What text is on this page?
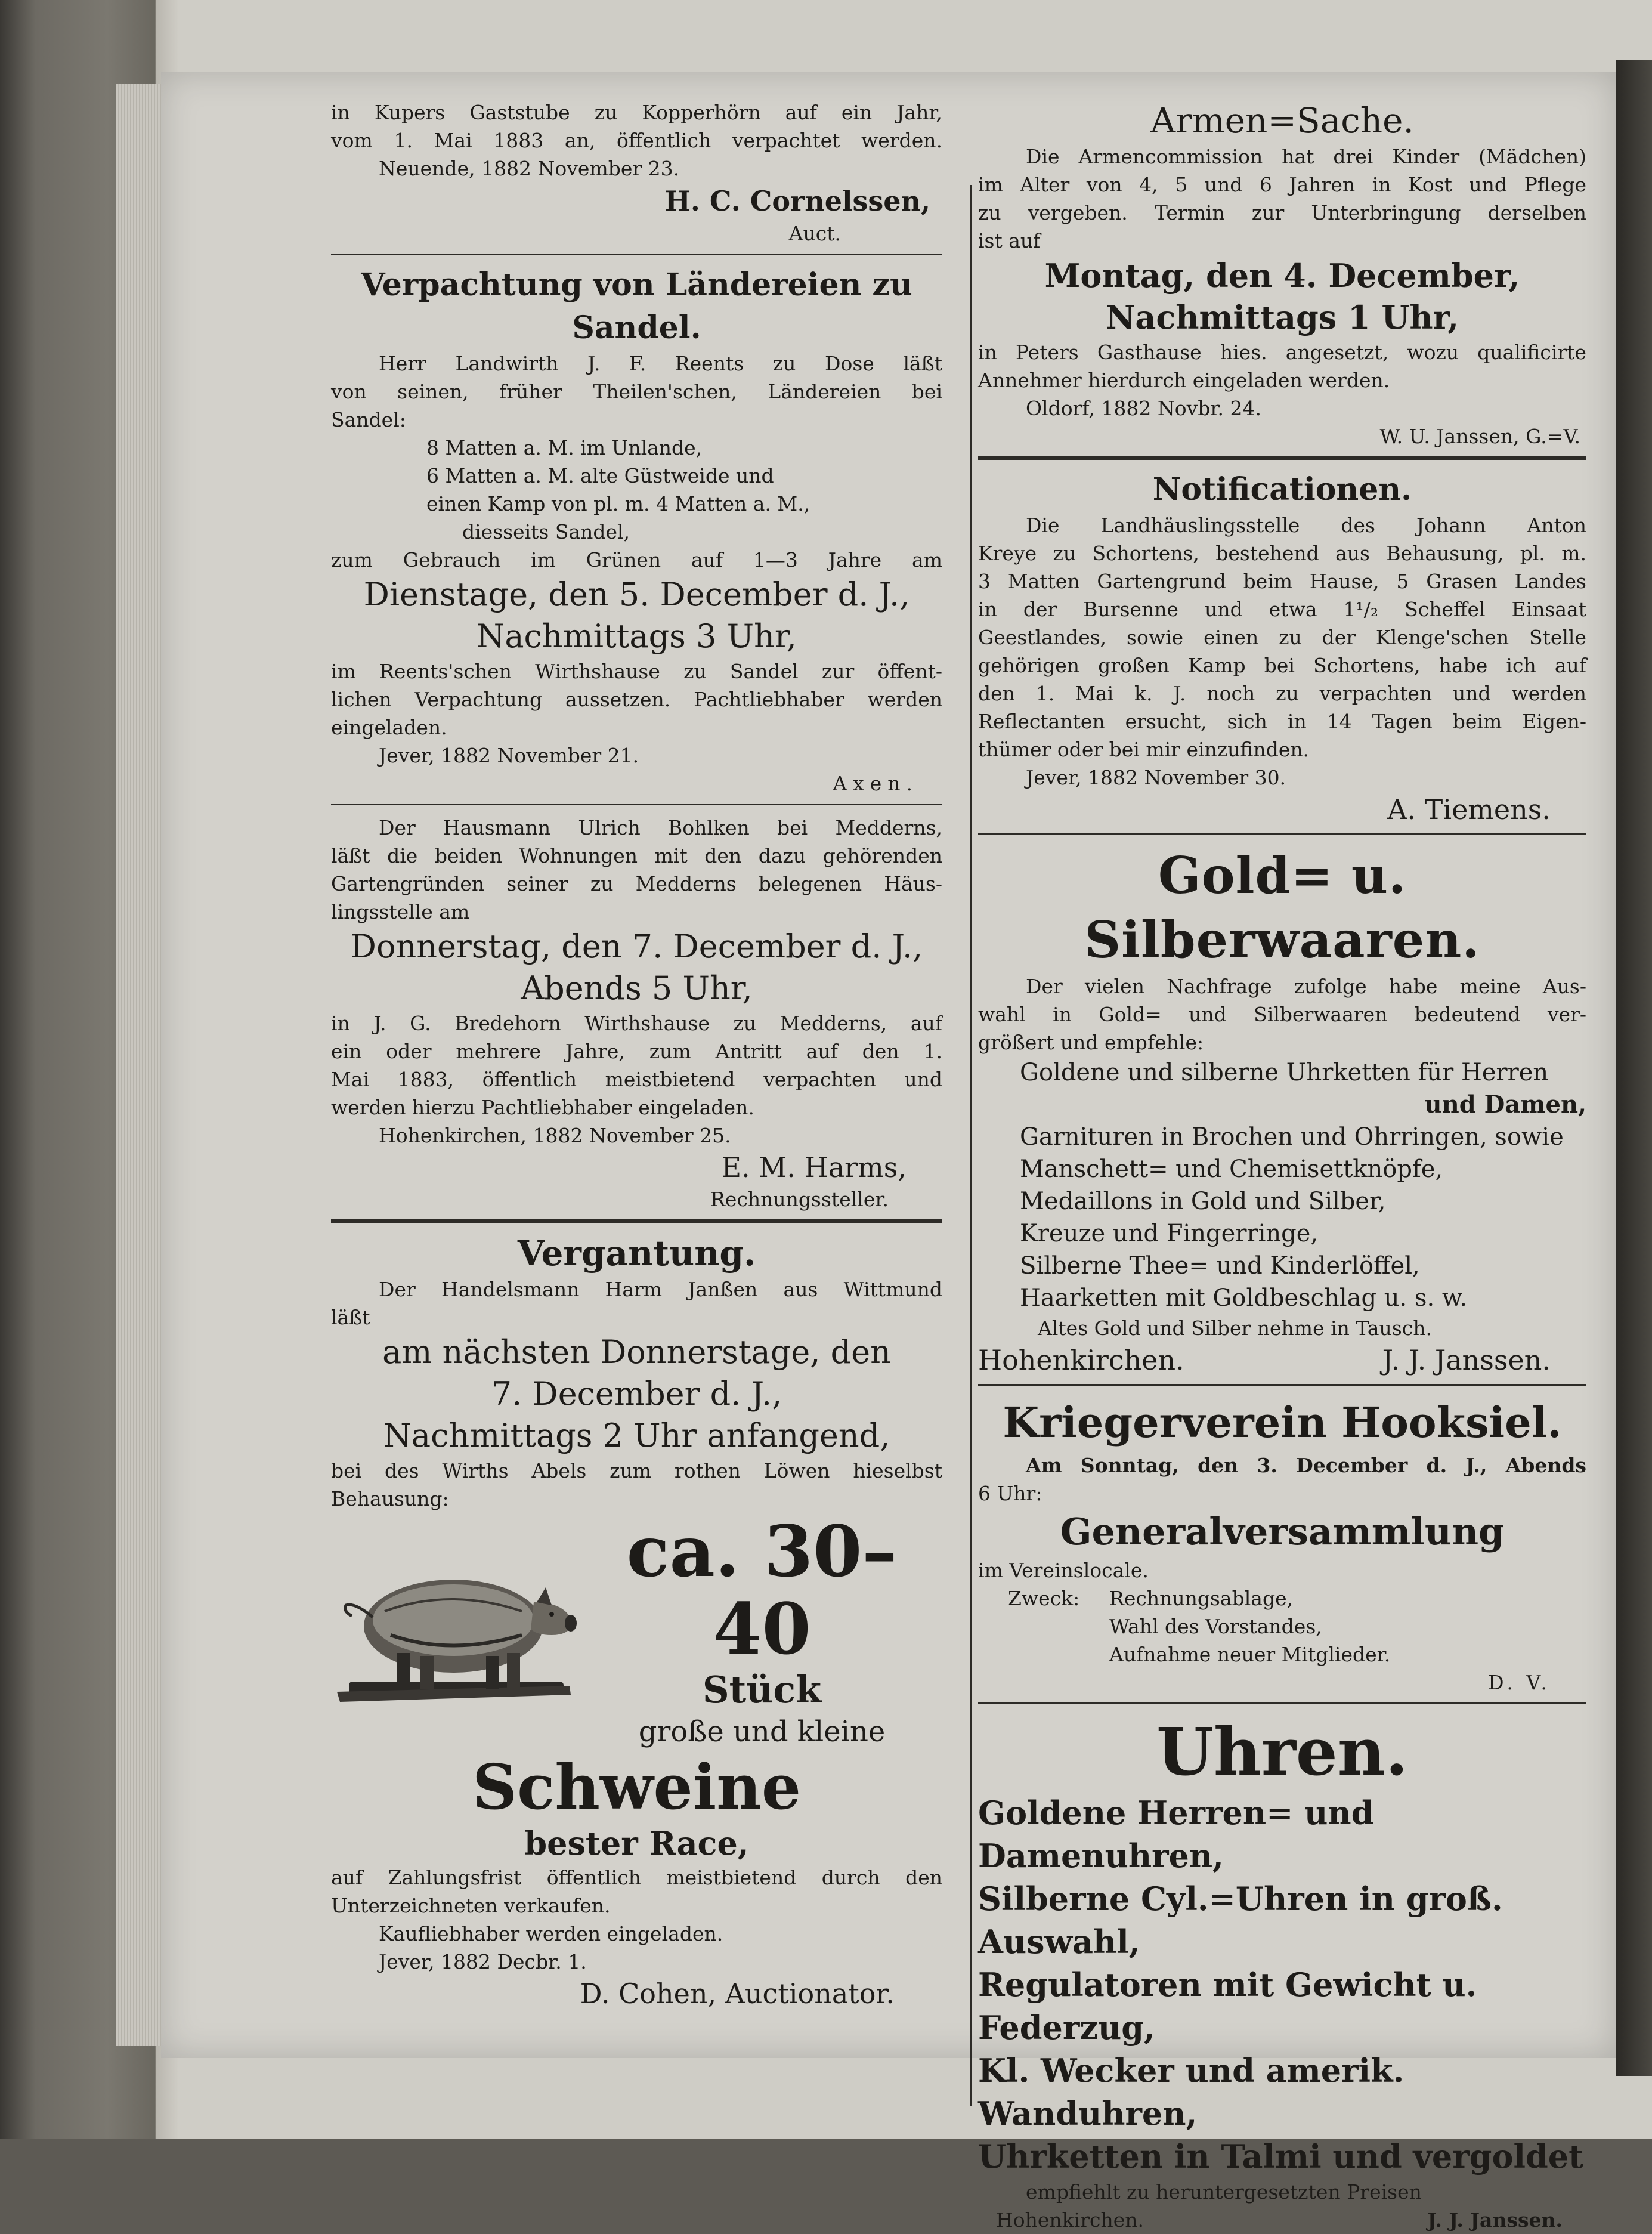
in Kupers Gaststube zu Kopperhörn auf ein Jahr,

vom 1. Mai 1883 an, öffentlich verpachtet werden.

Neuende, 1882 November 23.

H. C. Cornelssen,

Auct.

Verpachtung von Ländereien zu Sandel.

Herr Landwirth J. F. Reents zu Dose läßt

von seinen, früher Theilen'schen, Ländereien bei

Sandel:

8 Matten a. M. im Unlande,

6 Matten a. M. alte Güstweide und

einen Kamp von pl. m. 4 Matten a. M.,

diesseits Sandel,

zum Gebrauch im Grünen auf 1—3 Jahre am

Dienstage, den 5. December d. J.,

Nachmittags 3 Uhr,

im Reents'schen Wirthshause zu Sandel zur öffent-

lichen Verpachtung aussetzen. Pachtliebhaber werden

eingeladen.

Jever, 1882 November 21.

Axen.

Der Hausmann Ulrich Bohlken bei Medderns,

läßt die beiden Wohnungen mit den dazu gehörenden

Gartengründen seiner zu Medderns belegenen Häus-

lingsstelle am

Donnerstag, den 7. December d. J.,

Abends 5 Uhr,

in J. G. Bredehorn Wirthshause zu Medderns, auf

ein oder mehrere Jahre, zum Antritt auf den 1.

Mai 1883, öffentlich meistbietend verpachten und

werden hierzu Pachtliebhaber eingeladen.

Hohenkirchen, 1882 November 25.

E. M. Harms,

Rechnungssteller.

Vergantung.

Der Handelsmann Harm Janßen aus Wittmund

läßt

am nächsten Donnerstage, den

7. December d. J.,

Nachmittags 2 Uhr anfangend,

bei des Wirths Abels zum rothen Löwen hieselbst

Behausung:

ca. 30–40

Stück

große und kleine

Schweine

bester Race,

auf Zahlungsfrist öffentlich meistbietend durch den

Unterzeichneten verkaufen.

Kaufliebhaber werden eingeladen.

Jever, 1882 Decbr. 1.

D. Cohen, Auctionator.

Armen=Sache.

Die Armencommission hat drei Kinder (Mädchen)

im Alter von 4, 5 und 6 Jahren in Kost und Pflege

zu vergeben. Termin zur Unterbringung derselben

ist auf

Montag, den 4. December,

Nachmittags 1 Uhr,

in Peters Gasthause hies. angesetzt, wozu qualificirte

Annehmer hierdurch eingeladen werden.

Oldorf, 1882 Novbr. 24.

W. U. Janssen, G.=V.

Notificationen.

Die Landhäuslingsstelle des Johann Anton

Kreye zu Schortens, bestehend aus Behausung, pl. m.

3 Matten Gartengrund beim Hause, 5 Grasen Landes

in der Bursenne und etwa 1¹/₂ Scheffel Einsaat

Geestlandes, sowie einen zu der Klenge'schen Stelle

gehörigen großen Kamp bei Schortens, habe ich auf

den 1. Mai k. J. noch zu verpachten und werden

Reflectanten ersucht, sich in 14 Tagen beim Eigen-

thümer oder bei mir einzufinden.

Jever, 1882 November 30.

A. Tiemens.

Gold= u. Silberwaaren.

Der vielen Nachfrage zufolge habe meine Aus-

wahl in Gold= und Silberwaaren bedeutend ver-

größert und empfehle:

Goldene und silberne Uhrketten für Herren

und Damen,

Garnituren in Brochen und Ohrringen, sowie

Manschett= und Chemisettknöpfe,

Medaillons in Gold und Silber,

Kreuze und Fingerringe,

Silberne Thee= und Kinderlöffel,

Haarketten mit Goldbeschlag u. s. w.

Altes Gold und Silber nehme in Tausch.

Hohenkirchen.	J. J. Janssen.

Kriegerverein Hooksiel.

Am Sonntag, den 3. December d. J., Abends

6 Uhr:

Generalversammlung

im Vereinslocale.

Zweck:	Rechnungsablage,

Wahl des Vorstandes,

Aufnahme neuer Mitglieder.

D. V.

Uhren.

Goldene Herren= und Damenuhren,

Silberne Cyl.=Uhren in groß. Auswahl,

Regulatoren mit Gewicht u. Federzug,

Kl. Wecker und amerik. Wanduhren,

Uhrketten in Talmi und vergoldet

empfiehlt zu heruntergesetzten Preisen

Hohenkirchen.	J. J. Janssen.
